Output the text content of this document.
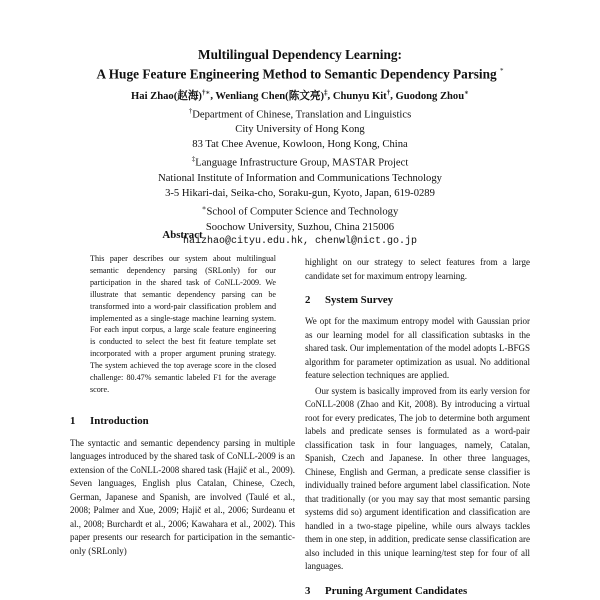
Multilingual Dependency Learning:
A Huge Feature Engineering Method to Semantic Dependency Parsing *
Hai Zhao(赵海)†∗, Wenliang Chen(陈文亮)‡, Chunyu Kit†, Guodong Zhou∗
†Department of Chinese, Translation and Linguistics
City University of Hong Kong
83 Tat Chee Avenue, Kowloon, Hong Kong, China
‡Language Infrastructure Group, MASTAR Project
National Institute of Information and Communications Technology
3-5 Hikari-dai, Seika-cho, Soraku-gun, Kyoto, Japan, 619-0289
∗School of Computer Science and Technology
Soochow University, Suzhou, China 215006
haizhao@cityu.edu.hk, chenwl@nict.go.jp
Abstract

This paper describes our system about multilingual semantic dependency parsing (SRLonly) for our participation in the shared task of CoNLL-2009. We illustrate that semantic dependency parsing can be transformed into a word-pair classification problem and implemented as a single-stage machine learning system. For each input corpus, a large scale feature engineering is conducted to select the best fit feature template set incorporated with a proper argument pruning strategy. The system achieved the top average score in the closed challenge: 80.47% semantic labeled F1 for the average score.

1 Introduction

The syntactic and semantic dependency parsing in multiple languages introduced by the shared task of CoNLL-2009 is an extension of the CoNLL-2008 shared task (Hajič et al., 2009). Seven languages, English plus Catalan, Chinese, Czech, German, Japanese and Spanish, are involved (Taulé et al., 2008; Palmer and Xue, 2009; Hajič et al., 2006; Surdeanu et al., 2008; Burchardt et al., 2006; Kawahara et al., 2002). This paper presents our research for participation in the semantic-only (SRLonly)

highlight on our strategy to select features from a large candidate set for maximum entropy learning.

2 System Survey

We opt for the maximum entropy model with Gaussian prior as our learning model for all classification subtasks in the shared task. Our implementation of the model adopts L-BFGS algorithm for parameter optimization as usual. No additional feature selection techniques are applied.

Our system is basically improved from its early version for CoNLL-2008 (Zhao and Kit, 2008). By introducing a virtual root for every predicates, The job to determine both argument labels and predicate senses is formulated as a word-pair classification task in four languages, namely, Catalan, Spanish, Czech and Japanese. In other three languages, Chinese, English and German, a predicate sense classifier is individually trained before argument label classification. Note that traditionally (or you may say that most semantic parsing systems did so) argument identification and classification are handled in a two-stage pipeline, while ours always tackles them in one step, in addition, predicate sense classification are also included in this unique learning/test step for four of all languages.

3 Pruning Argument Candidates
